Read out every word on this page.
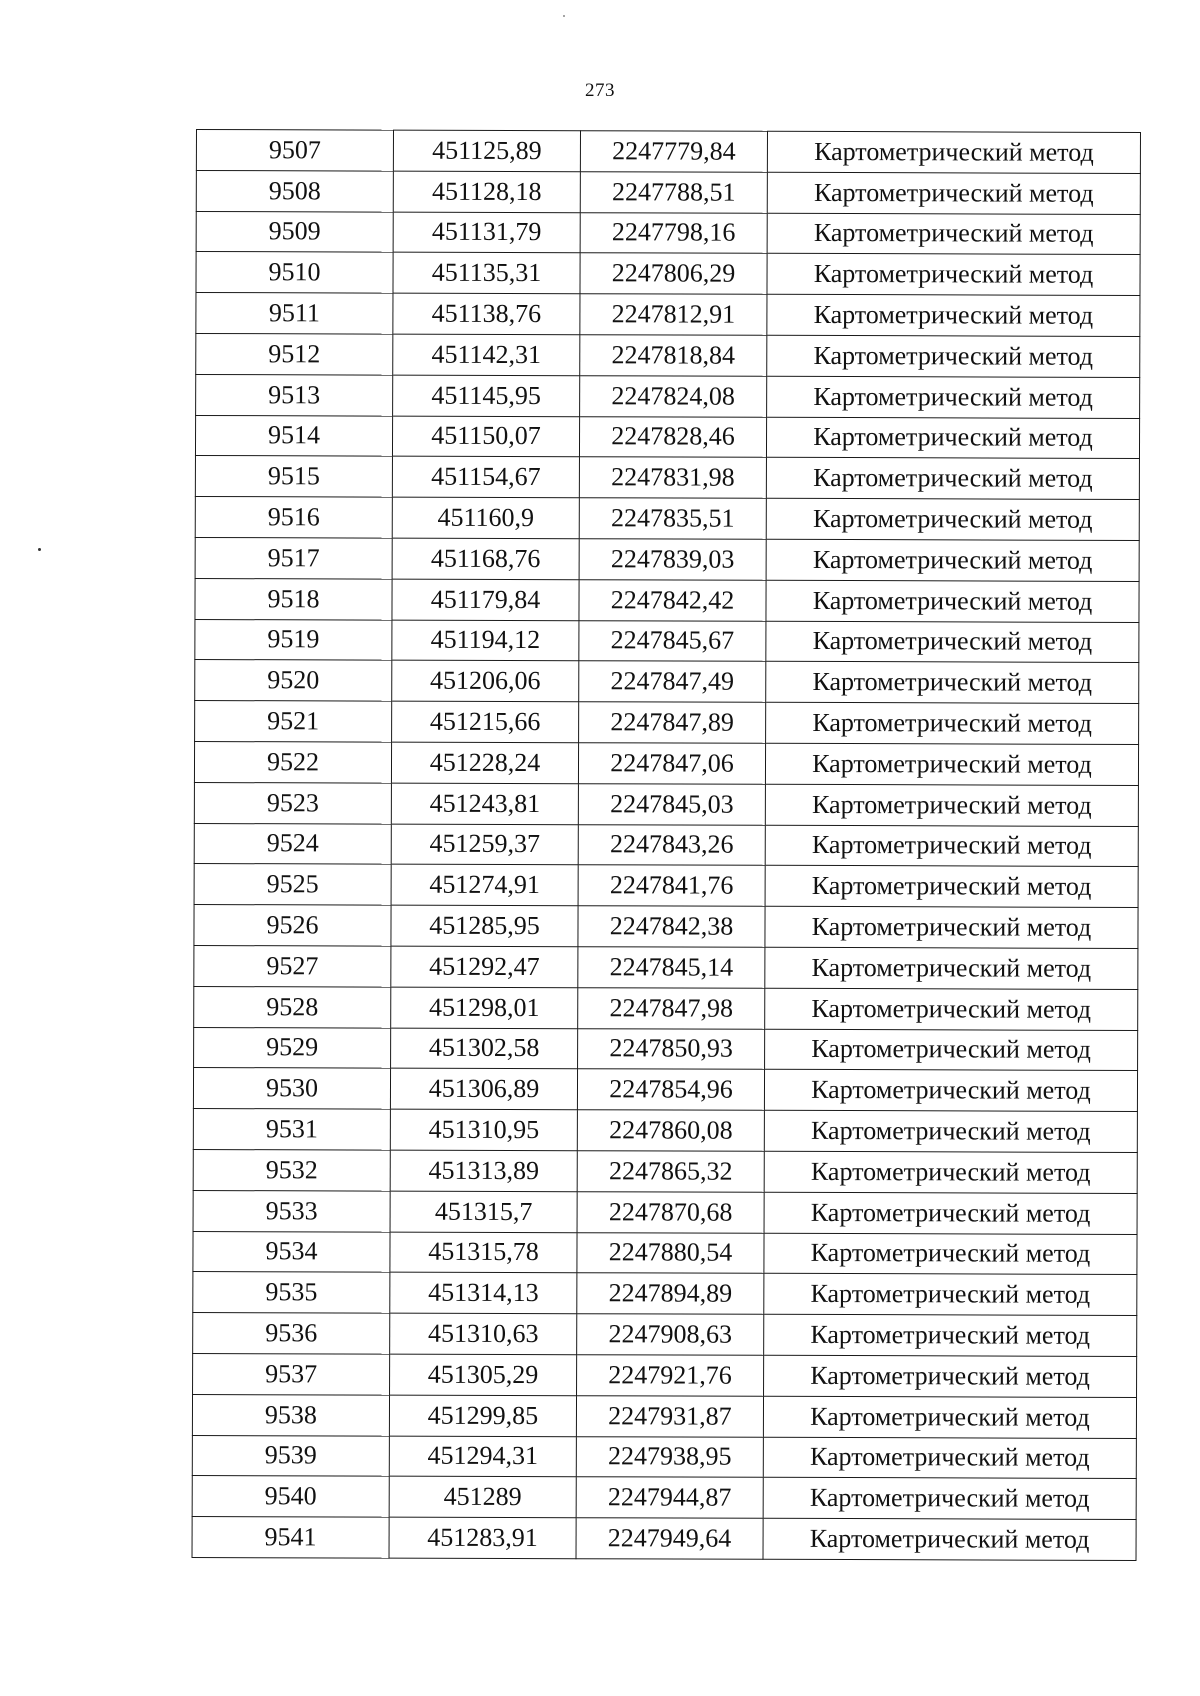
273
9507	451125,89	2247779,84	Картометрический метод
9508	451128,18	2247788,51	Картометрический метод
9509	451131,79	2247798,16	Картометрический метод
9510	451135,31	2247806,29	Картометрический метод
9511	451138,76	2247812,91	Картометрический метод
9512	451142,31	2247818,84	Картометрический метод
9513	451145,95	2247824,08	Картометрический метод
9514	451150,07	2247828,46	Картометрический метод
9515	451154,67	2247831,98	Картометрический метод
9516	451160,9	2247835,51	Картометрический метод
9517	451168,76	2247839,03	Картометрический метод
9518	451179,84	2247842,42	Картометрический метод
9519	451194,12	2247845,67	Картометрический метод
9520	451206,06	2247847,49	Картометрический метод
9521	451215,66	2247847,89	Картометрический метод
9522	451228,24	2247847,06	Картометрический метод
9523	451243,81	2247845,03	Картометрический метод
9524	451259,37	2247843,26	Картометрический метод
9525	451274,91	2247841,76	Картометрический метод
9526	451285,95	2247842,38	Картометрический метод
9527	451292,47	2247845,14	Картометрический метод
9528	451298,01	2247847,98	Картометрический метод
9529	451302,58	2247850,93	Картометрический метод
9530	451306,89	2247854,96	Картометрический метод
9531	451310,95	2247860,08	Картометрический метод
9532	451313,89	2247865,32	Картометрический метод
9533	451315,7	2247870,68	Картометрический метод
9534	451315,78	2247880,54	Картометрический метод
9535	451314,13	2247894,89	Картометрический метод
9536	451310,63	2247908,63	Картометрический метод
9537	451305,29	2247921,76	Картометрический метод
9538	451299,85	2247931,87	Картометрический метод
9539	451294,31	2247938,95	Картометрический метод
9540	451289	2247944,87	Картометрический метод
9541	451283,91	2247949,64	Картометрический метод
